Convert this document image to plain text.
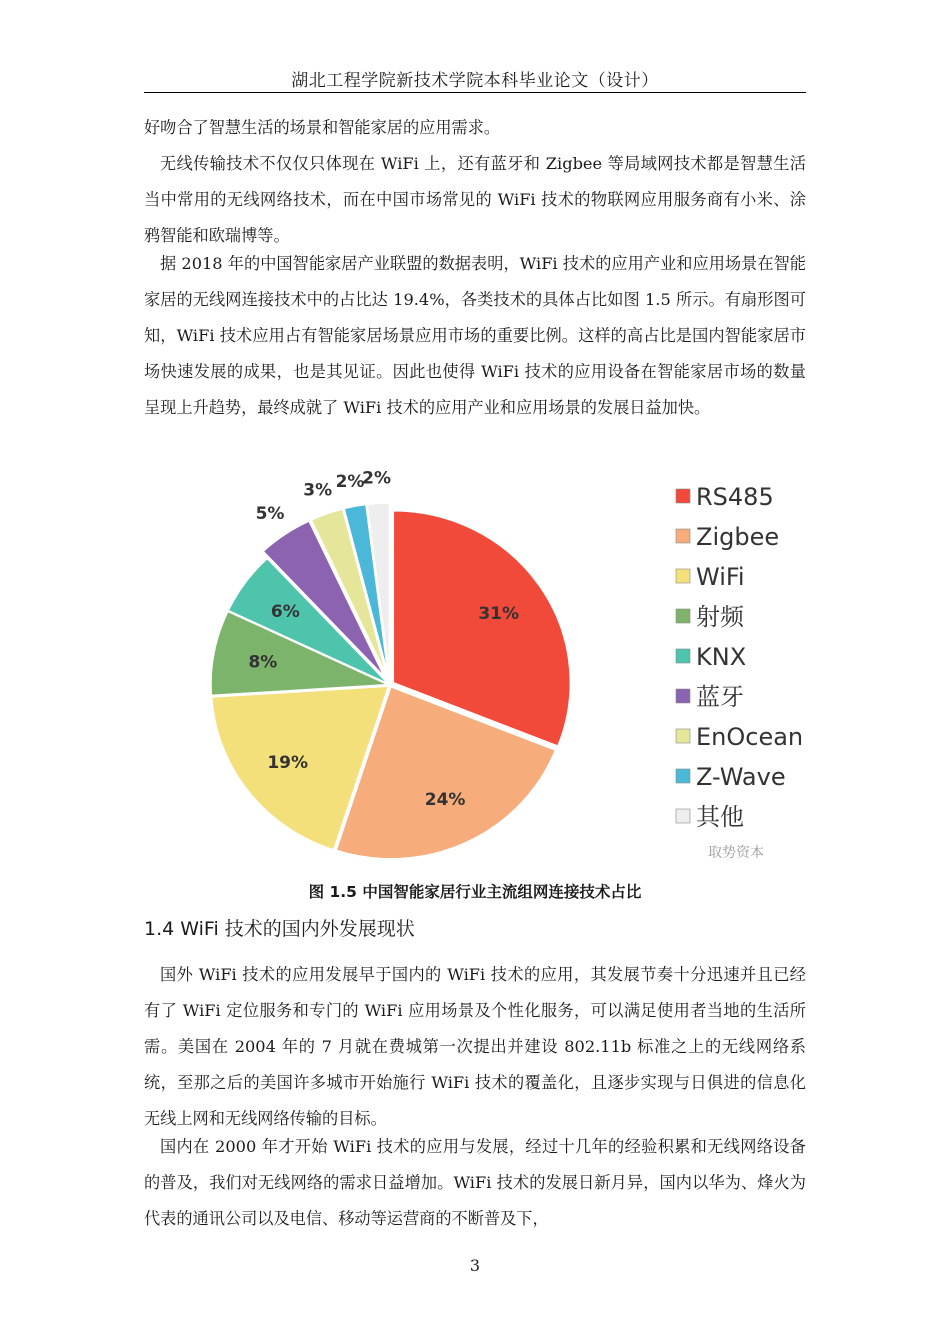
湖北工程学院新技术学院本科毕业论文（设计）

好吻合了智慧生活的场景和智能家居的应用需求。

无线传输技术不仅仅只体现在 WiFi 上，还有蓝牙和 Zigbee 等局域网技术都是智慧生活当中常用的无线网络技术，而在中国市场常见的 WiFi 技术的物联网应用服务商有小米、涂鸦智能和欧瑞博等。

据 2018 年的中国智能家居产业联盟的数据表明，WiFi 技术的应用产业和应用场景在智能家居的无线网连接技术中的占比达 19.4%，各类技术的具体占比如图 1.5 所示。有扇形图可知，WiFi 技术应用占有智能家居场景应用市场的重要比例。这样的高占比是国内智能家居市场快速发展的成果，也是其见证。因此也使得 WiFi 技术的应用设备在智能家居市场的数量呈现上升趋势，最终成就了 WiFi 技术的应用产业和应用场景的发展日益加快。

31%
24%
19%
8%
6%
5%
3% 2%
2%
RS485
Zigbee
WiFi
射频
KNX
蓝牙
EnOcean
Z-Wave
其他
取势资本
图 1.5 中国智能家居行业主流组网连接技术占比
1.4 WiFi 技术的国内外发展现状

国外 WiFi 技术的应用发展早于国内的 WiFi 技术的应用，其发展节奏十分迅速并且已经有了 WiFi 定位服务和专门的 WiFi 应用场景及个性化服务，可以满足使用者当地的生活所需。美国在 2004 年的 7 月就在费城第一次提出并建设 802.11b 标准之上的无线网络系统，至那之后的美国许多城市开始施行 WiFi 技术的覆盖化，且逐步实现与日俱进的信息化无线上网和无线网络传输的目标。

国内在 2000 年才开始 WiFi 技术的应用与发展，经过十几年的经验积累和无线网络设备的普及，我们对无线网络的需求日益增加。WiFi 技术的发展日新月异，国内以华为、烽火为代表的通讯公司以及电信、移动等运营商的不断普及下，

3
